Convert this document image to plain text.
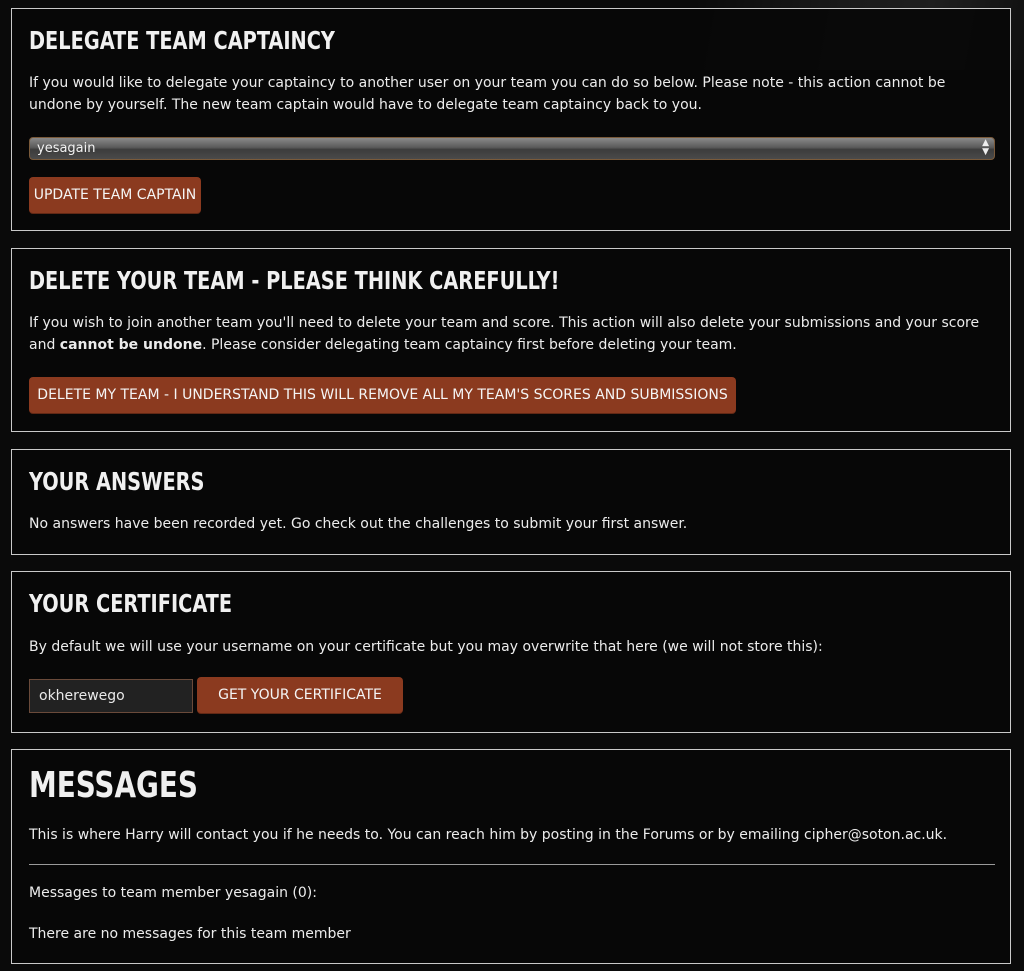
DELEGATE TEAM CAPTAINCY

If you would like to delegate your captaincy to another user on your team you can do so below. Please note - this action cannot be undone by yourself. The new team captain would have to delegate team captaincy back to you.

yesagain	▲
▼
UPDATE TEAM CAPTAIN
DELETE YOUR TEAM - PLEASE THINK CAREFULLY!

If you wish to join another team you'll need to delete your team and score. This action will also delete your submissions and your score and cannot be undone. Please consider delegating team captaincy first before deleting your team.

DELETE MY TEAM - I UNDERSTAND THIS WILL REMOVE ALL MY TEAM'S SCORES AND SUBMISSIONS
YOUR ANSWERS

No answers have been recorded yet. Go check out the challenges to submit your first answer.

YOUR CERTIFICATE

By default we will use your username on your certificate but you may overwrite that here (we will not store this):

okherewego	GET YOUR CERTIFICATE
MESSAGES

This is where Harry will contact you if he needs to. You can reach him by posting in the Forums or by emailing cipher@soton.ac.uk.

Messages to team member yesagain (0):

There are no messages for this team member
